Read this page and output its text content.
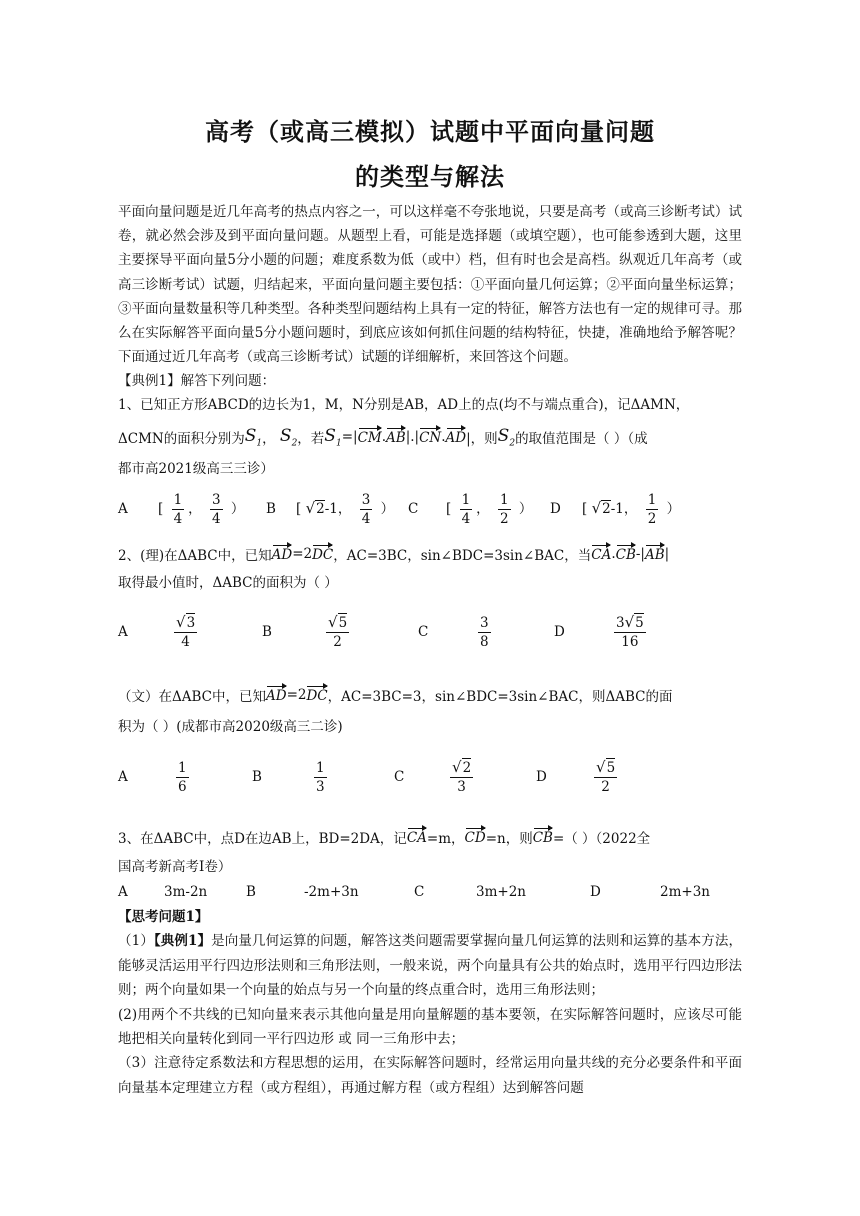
高考（或高三模拟）试题中平面向量问题
的类型与解法
平面向量问题是近几年高考的热点内容之一，可以这样毫不夸张地说，只要是高考（或高三诊断考试）试卷，就必然会涉及到平面向量问题。从题型上看，可能是选择题（或填空题），也可能参透到大题，这里主要探导平面向量5分小题的问题；难度系数为低（或中）档，但有时也会是高档。纵观近几年高考（或高三诊断考试）试题，归结起来，平面向量问题主要包括：①平面向量几何运算；②平面向量坐标运算；③平面向量数量积等几种类型。各种类型问题结构上具有一定的特征，解答方法也有一定的规律可寻。那么在实际解答平面向量5分小题问题时，到底应该如何抓住问题的结构特征，快捷，准确地给予解答呢？下面通过近几年高考（或高三诊断考试）试题的详细解析，来回答这个问题。
【典例1】解答下列问题：
1、已知正方形ABCD的边长为1，M，N分别是AB，AD上的点(均不与端点重合)，记ΔAMN，
ΔCMN的面积分别为 $S_1$ ，
$S_2$ ，若 $S_1$ =| CM . AB |.| CN . AD |，则 $S_2$ 的取值范围是（ ）（成
都市高2021级高三三诊）
A	[ $\frac{1}{4}$ ， $\frac{3}{4}$ ）	B	[ √2-1， $\frac{3}{4}$ ）	C	[ $\frac{1}{4}$ ， $\frac{1}{2}$ ）	D	[ √2-1， $\frac{1}{2}$ ）
2、(理)在ΔABC中，已知 AD =2 DC ，AC=3BC，sin∠BDC=3sin∠BAC，当 CA . CB -| AB |
取得最小值时，ΔABC的面积为（ ）
A	$\frac{√3}{4}$	B	$\frac{√5}{2}$	C	$\frac{3}{8}$	D	$\frac{3√5}{16}$
（文）在ΔABC中，已知 AD =2 DC ，AC=3BC=3，sin∠BDC=3sin∠BAC，则ΔABC的面
积为（ ）(成都市高2020级高三二诊)
A	$\frac{1}{6}$	B	$\frac{1}{3}$	C	$\frac{√2}{3}$	D	$\frac{√5}{2}$
3、在ΔABC中，点D在边AB上，BD=2DA，记 CA =m， CD =n，则 CB =（ ）（2022全
国高考新高考I卷）
A	3m-2n	B	-2m+3n	C	3m+2n	D	2m+3n
【思考问题1】
（1）【典例1】是向量几何运算的问题，解答这类问题需要掌握向量几何运算的法则和运算的基本方法，能够灵活运用平行四边形法则和三角形法则，一般来说，两个向量具有公共的始点时，选用平行四边形法则；两个向量如果一个向量的始点与另一个向量的终点重合时，选用三角形法则；
(2)用两个不共线的已知向量来表示其他向量是用向量解题的基本要领，在实际解答问题时，应该尽可能地把相关向量转化到同一平行四边形 或 同一三角形中去；
（3）注意待定系数法和方程思想的运用，在实际解答问题时，经常运用向量共线的充分必要条件和平面向量基本定理建立方程（或方程组），再通过解方程（或方程组）达到解答问题
